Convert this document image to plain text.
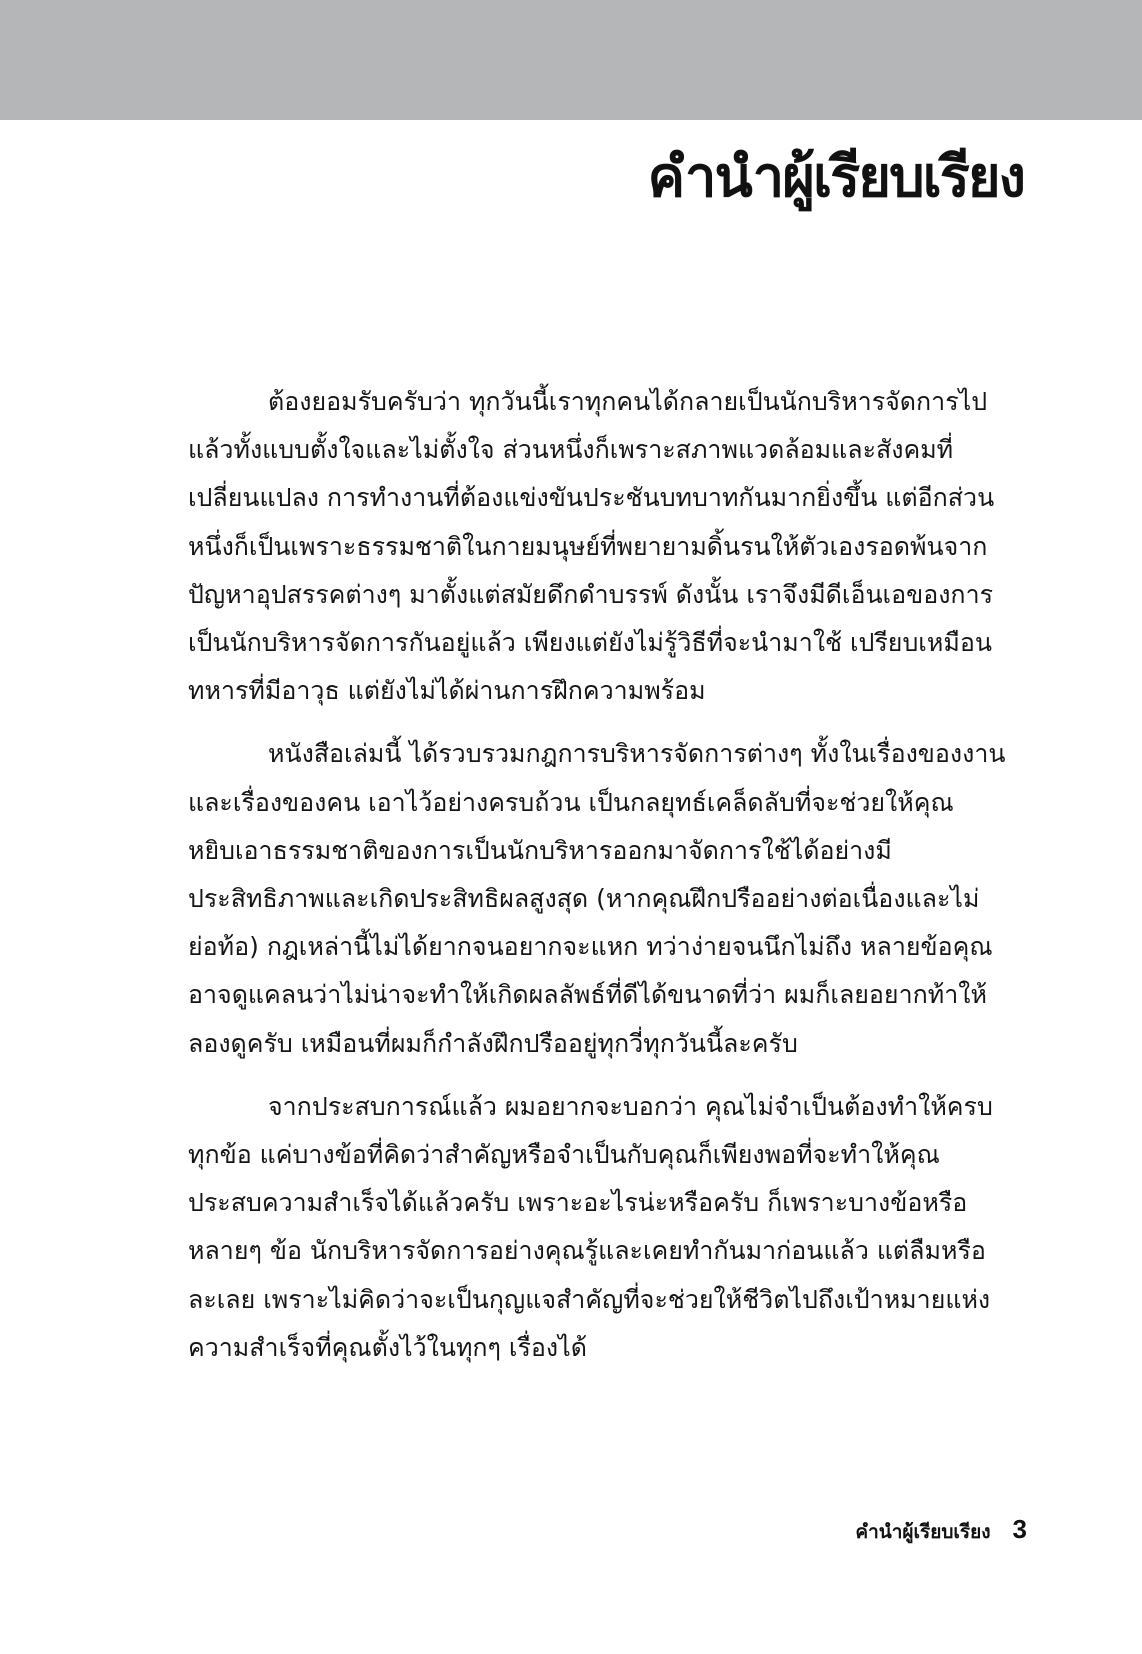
คำนำผู้เรียบเรียง

ต้องยอมรับครับว่า ทุกวันนี้เราทุกคนได้กลายเป็นนักบริหารจัดการไป
แล้วทั้งแบบตั้งใจและไม่ตั้งใจ ส่วนหนึ่งก็เพราะสภาพแวดล้อมและสังคมที่
เปลี่ยนแปลง การทำงานที่ต้องแข่งขันประชันบทบาทกันมากยิ่งขึ้น แต่อีกส่วน
หนึ่งก็เป็นเพราะธรรมชาติในกายมนุษย์ที่พยายามดิ้นรนให้ตัวเองรอดพ้นจาก
ปัญหาอุปสรรคต่างๆ มาตั้งแต่สมัยดึกดำบรรพ์ ดังนั้น เราจึงมีดีเอ็นเอของการ
เป็นนักบริหารจัดการกันอยู่แล้ว เพียงแต่ยังไม่รู้วิธีที่จะนำมาใช้ เปรียบเหมือน
ทหารที่มีอาวุธ แต่ยังไม่ได้ผ่านการฝึกความพร้อม

หนังสือเล่มนี้ ได้รวบรวมกฎการบริหารจัดการต่างๆ ทั้งในเรื่องของงาน
และเรื่องของคน เอาไว้อย่างครบถ้วน เป็นกลยุทธ์เคล็ดลับที่จะช่วยให้คุณ
หยิบเอาธรรมชาติของการเป็นนักบริหารออกมาจัดการใช้ได้อย่างมี
ประสิทธิภาพและเกิดประสิทธิผลสูงสุด (หากคุณฝึกปรืออย่างต่อเนื่องและไม่
ย่อท้อ) กฎเหล่านี้ไม่ได้ยากจนอยากจะแหก ทว่าง่ายจนนึกไม่ถึง หลายข้อคุณ
อาจดูแคลนว่าไม่น่าจะทำให้เกิดผลลัพธ์ที่ดีได้ขนาดที่ว่า ผมก็เลยอยากท้าให้
ลองดูครับ เหมือนที่ผมก็กำลังฝึกปรืออยู่ทุกวี่ทุกวันนี้ละครับ

จากประสบการณ์แล้ว ผมอยากจะบอกว่า คุณไม่จำเป็นต้องทำให้ครบ
ทุกข้อ แค่บางข้อที่คิดว่าสำคัญหรือจำเป็นกับคุณก็เพียงพอที่จะทำให้คุณ
ประสบความสำเร็จได้แล้วครับ เพราะอะไรน่ะหรือครับ ก็เพราะบางข้อหรือ
หลายๆ ข้อ นักบริหารจัดการอย่างคุณรู้และเคยทำกันมาก่อนแล้ว แต่ลืมหรือ
ละเลย เพราะไม่คิดว่าจะเป็นกุญแจสำคัญที่จะช่วยให้ชีวิตไปถึงเป้าหมายแห่ง
ความสำเร็จที่คุณตั้งไว้ในทุกๆ เรื่องได้

คำนำผู้เรียบเรียง 3
